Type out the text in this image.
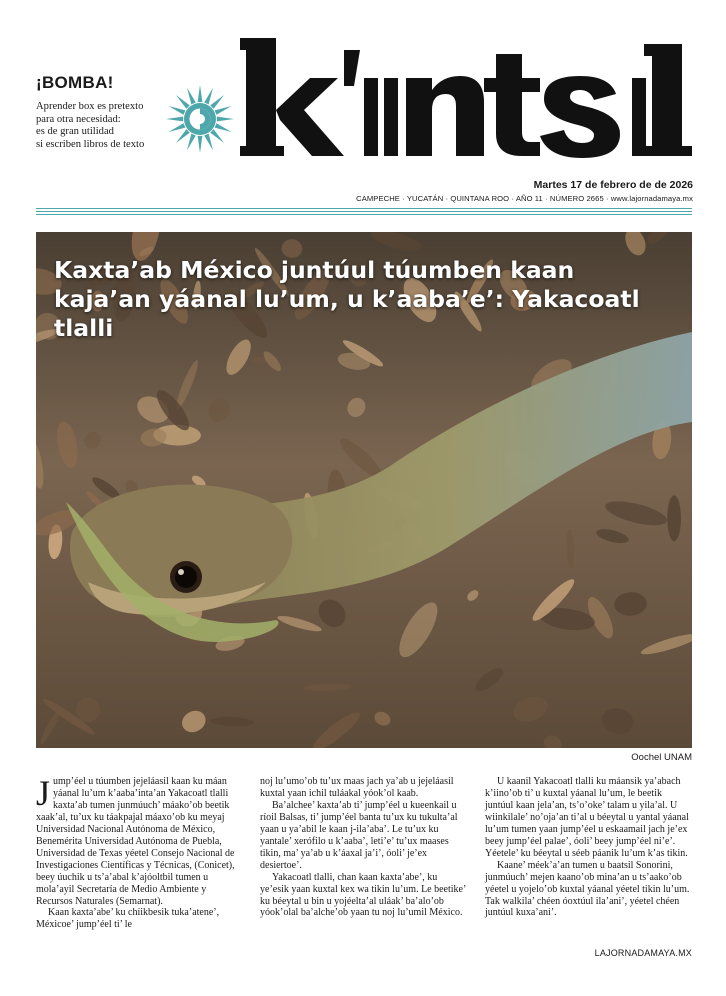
¡BOMBA!
Aprender box es pretexto
para otra necesidad:
es de gran utilidad
si escriben libros de texto
Martes 17 de febrero de de 2026
CAMPECHE · YUCATÁN · QUINTANA ROO · AÑO 11 · NÚMERO 2665 · www.lajornadamaya.mx
Kaxta’ab México juntúul túumben kaan kaja’an yáanal lu’um, u k’aaba’e’: Yakacoatl tlalli
Oochel UNAM

Jump’éel u túumben jejeláasil kaan ku máan yáanal lu’um k’aaba’inta’an Yakacoatl tlalli kaxta’ab tumen junmúuch’ máako’ob beetik xaak’al, tu’ux ku táakpajal máaxo’ob ku meyaj Universidad Nacional Autónoma de México, Benemérita Universidad Autónoma de Puebla, Universidad de Texas yéetel Consejo Nacional de Investigaciones Científicas y Técnicas, (Conicet), beey úuchik u ts’a’abal k’ajóoltbil tumen u mola’ayil Secretaría de Medio Ambiente y Recursos Naturales (Semarnat).

Kaan kaxta’abe’ ku chíikbesik tuka’atene’, Méxicoe’ jump’éel ti’ le

noj lu’umo’ob tu’ux maas jach ya’ab u jejeláasil kuxtal yaan ichil tuláakal yóok’ol kaab.

Ba’alchee’ kaxta’ab ti’ jump’éel u kueenkail u ríoil Balsas, ti’ jump’éel banta tu’ux ku tukulta’al yaan u ya’abil le kaan j-ila’aba’. Le tu’ux ku yantale’ xerófilo u k’aaba’, leti’e’ tu’ux maases tikin, ma’ ya’ab u k’áaxal ja’i’, óoli’ je’ex desiertoe’.

Yakacoatl tlalli, chan kaan kaxta’abe’, ku ye’esik yaan kuxtal kex wa tikin lu’um. Le beetike’ ku béeytal u bin u yojéelta’al uláak’ ba’alo’ob yóok’olal ba’alche’ob yaan tu noj lu’umil México.

U kaanil Yakacoatl tlalli ku máansik ya’abach k’iino’ob ti’ u kuxtal yáanal lu’um, le beetik juntúul kaan jela’an, ts’o’oke’ talam u yila’al. U wiinkilale’ no’oja’an ti’al u béeytal u yantal yáanal lu’um tumen yaan jump’éel u eskaamail jach je’ex beey jump’éel palae’, óoli’ beey jump’éel ni’e’. Yéetele’ ku béeytal u séeb páanik lu’um k’as tikin.

Kaane’ méek’a’an tumen u baatsil Sonorini, junmúuch’ mejen kaano’ob mina’an u ts’aako’ob yéetel u yojelo’ob kuxtal yáanal yéetel tikin lu’um. Tak walkila’ chéen óoxtúul ila’ani’, yéetel chéen juntúul kuxa’ani’.

LAJORNADAMAYA.MX
